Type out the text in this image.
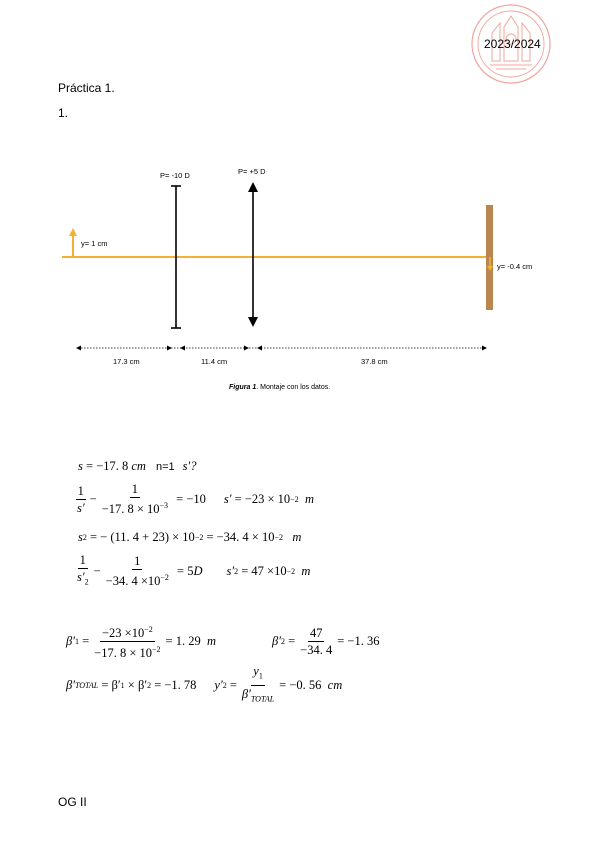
2023/2024
Práctica 1.
1.
y= 1 cm
P= -10 D	P= +5 D
y= -0.4 cm
17.3 cm	11.4 cm	37.8 cm
Figura 1. Montaje con los datos.
s
=
−17. 8
cm n=1 s′?
$\frac{1}{s'} - \frac{1}{-17. 8 \times 10^{-3}}$
= −10 s′
= −23 × 10 −2
m
s 2
= − (11. 4 + 23) × 10 −2
= −34. 4 × 10 −2
m
$\frac{1}{s'_2} - \frac{1}{-34. 4 \times 10^{-2}}$
= 5 D s′ 2
= 47 ×10 −2
m
β′ $1 = \frac{-23 \times 10^{-2}}{-17. 8 \times 10^{-2}} = 1$. 29
m	β′ $2 = \frac{47}{-34. 4} = -1$. 36
β′ TOTAL
= β′ 1
× β′ 2
= −1. 78 y′ $2 = \frac{y_1}{\beta'_{TOTAL}} = -0$. 56
cm
OG II
